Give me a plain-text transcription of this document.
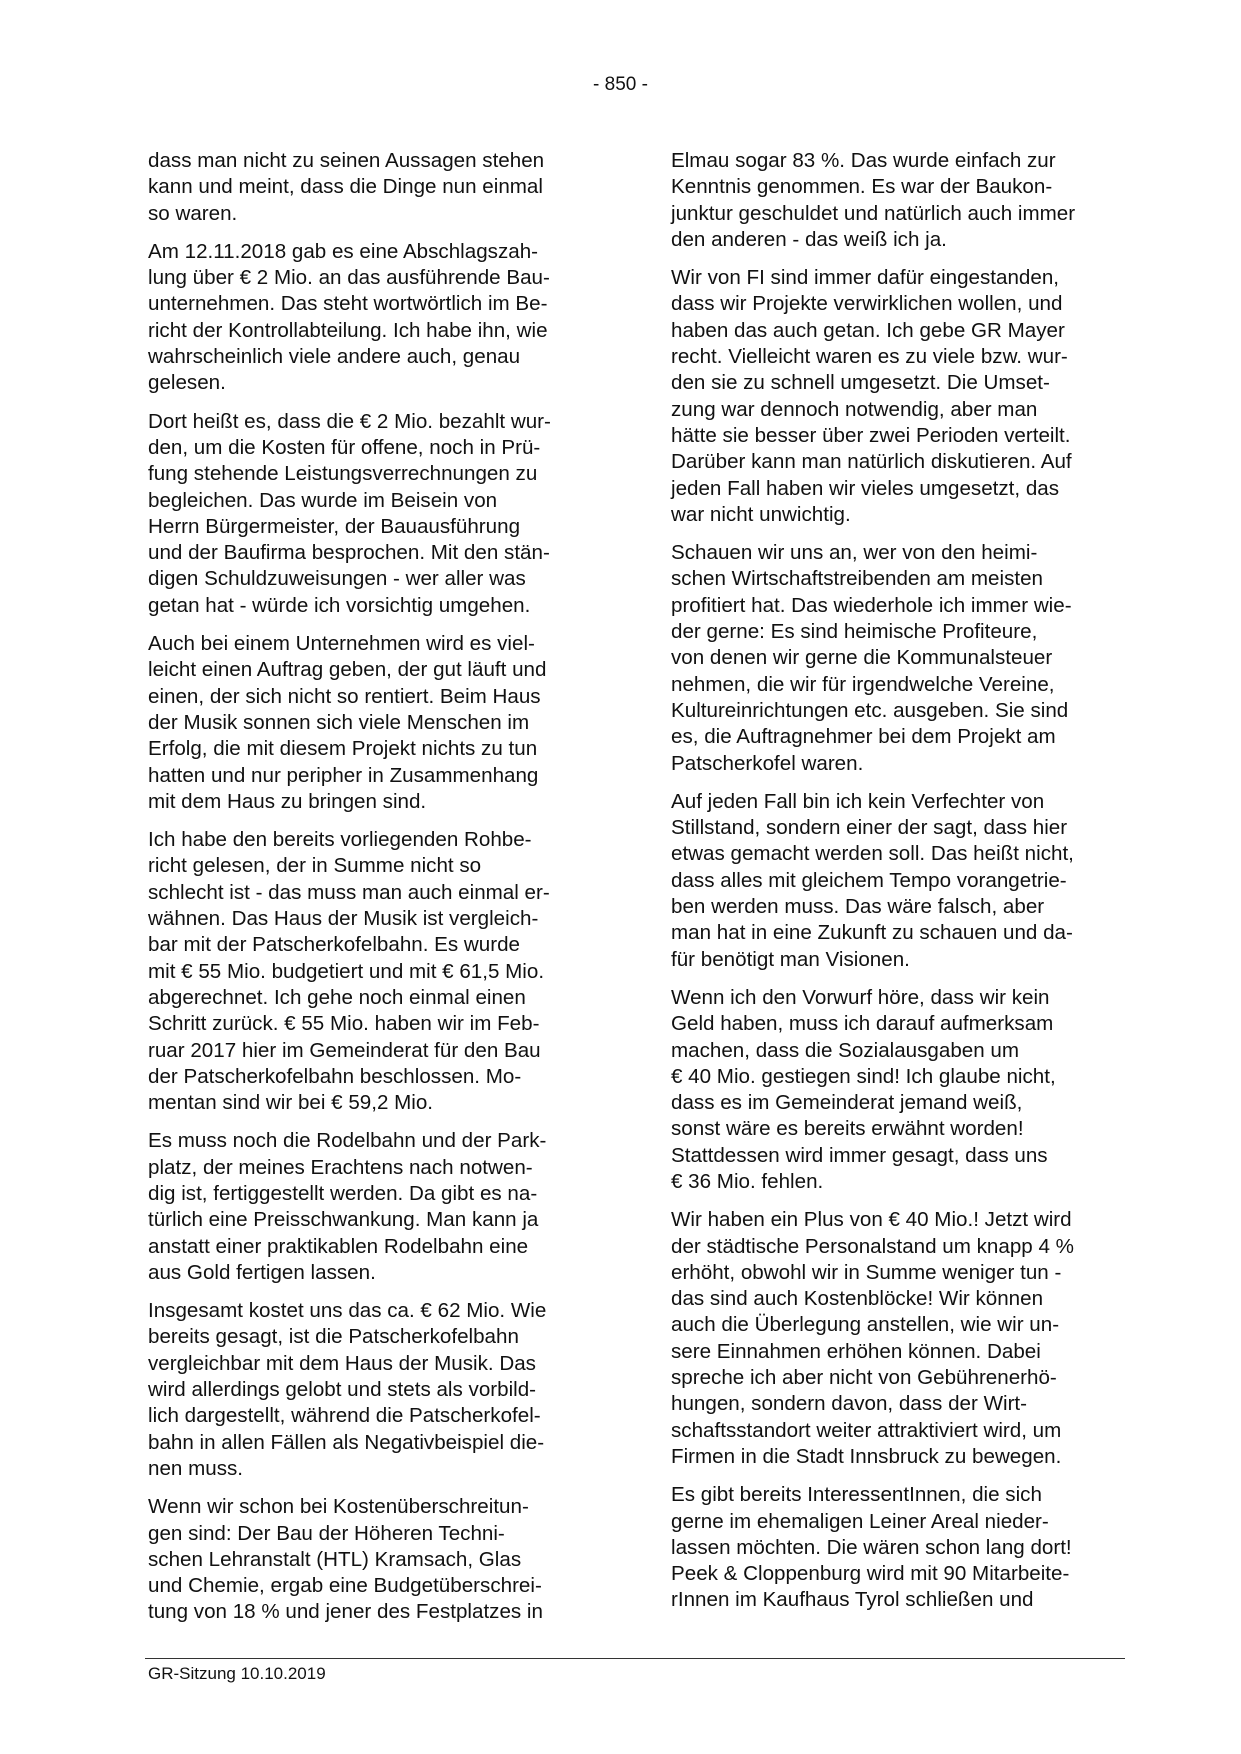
- 850 -
dass man nicht zu seinen Aussagen stehen
kann und meint, dass die Dinge nun einmal
so waren.
Am 12.11.2018 gab es eine Abschlagszah-
lung über € 2 Mio. an das ausführende Bau-
unternehmen. Das steht wortwörtlich im Be-
richt der Kontrollabteilung. Ich habe ihn, wie
wahrscheinlich viele andere auch, genau
gelesen.
Dort heißt es, dass die € 2 Mio. bezahlt wur-
den, um die Kosten für offene, noch in Prü-
fung stehende Leistungsverrechnungen zu
begleichen. Das wurde im Beisein von
Herrn Bürgermeister, der Bauausführung
und der Baufirma besprochen. Mit den stän-
digen Schuldzuweisungen - wer aller was
getan hat - würde ich vorsichtig umgehen.
Auch bei einem Unternehmen wird es viel-
leicht einen Auftrag geben, der gut läuft und
einen, der sich nicht so rentiert. Beim Haus
der Musik sonnen sich viele Menschen im
Erfolg, die mit diesem Projekt nichts zu tun
hatten und nur peripher in Zusammenhang
mit dem Haus zu bringen sind.
Ich habe den bereits vorliegenden Rohbe-
richt gelesen, der in Summe nicht so
schlecht ist - das muss man auch einmal er-
wähnen. Das Haus der Musik ist vergleich-
bar mit der Patscherkofelbahn. Es wurde
mit € 55 Mio. budgetiert und mit € 61,5 Mio.
abgerechnet. Ich gehe noch einmal einen
Schritt zurück. € 55 Mio. haben wir im Feb-
ruar 2017 hier im Gemeinderat für den Bau
der Patscherkofelbahn beschlossen. Mo-
mentan sind wir bei € 59,2 Mio.
Es muss noch die Rodelbahn und der Park-
platz, der meines Erachtens nach notwen-
dig ist, fertiggestellt werden. Da gibt es na-
türlich eine Preisschwankung. Man kann ja
anstatt einer praktikablen Rodelbahn eine
aus Gold fertigen lassen.
Insgesamt kostet uns das ca. € 62 Mio. Wie
bereits gesagt, ist die Patscherkofelbahn
vergleichbar mit dem Haus der Musik. Das
wird allerdings gelobt und stets als vorbild-
lich dargestellt, während die Patscherkofel-
bahn in allen Fällen als Negativbeispiel die-
nen muss.
Wenn wir schon bei Kostenüberschreitun-
gen sind: Der Bau der Höheren Techni-
schen Lehranstalt (HTL) Kramsach, Glas
und Chemie, ergab eine Budgetüberschrei-
tung von 18 % und jener des Festplatzes in
Elmau sogar 83 %. Das wurde einfach zur
Kenntnis genommen. Es war der Baukon-
junktur geschuldet und natürlich auch immer
den anderen - das weiß ich ja.
Wir von FI sind immer dafür eingestanden,
dass wir Projekte verwirklichen wollen, und
haben das auch getan. Ich gebe GR Mayer
recht. Vielleicht waren es zu viele bzw. wur-
den sie zu schnell umgesetzt. Die Umset-
zung war dennoch notwendig, aber man
hätte sie besser über zwei Perioden verteilt.
Darüber kann man natürlich diskutieren. Auf
jeden Fall haben wir vieles umgesetzt, das
war nicht unwichtig.
Schauen wir uns an, wer von den heimi-
schen Wirtschaftstreibenden am meisten
profitiert hat. Das wiederhole ich immer wie-
der gerne: Es sind heimische Profiteure,
von denen wir gerne die Kommunalsteuer
nehmen, die wir für irgendwelche Vereine,
Kultureinrichtungen etc. ausgeben. Sie sind
es, die Auftragnehmer bei dem Projekt am
Patscherkofel waren.
Auf jeden Fall bin ich kein Verfechter von
Stillstand, sondern einer der sagt, dass hier
etwas gemacht werden soll. Das heißt nicht,
dass alles mit gleichem Tempo vorangetrie-
ben werden muss. Das wäre falsch, aber
man hat in eine Zukunft zu schauen und da-
für benötigt man Visionen.
Wenn ich den Vorwurf höre, dass wir kein
Geld haben, muss ich darauf aufmerksam
machen, dass die Sozialausgaben um
€ 40 Mio. gestiegen sind! Ich glaube nicht,
dass es im Gemeinderat jemand weiß,
sonst wäre es bereits erwähnt worden!
Stattdessen wird immer gesagt, dass uns
€ 36 Mio. fehlen.
Wir haben ein Plus von € 40 Mio.! Jetzt wird
der städtische Personalstand um knapp 4 %
erhöht, obwohl wir in Summe weniger tun -
das sind auch Kostenblöcke! Wir können
auch die Überlegung anstellen, wie wir un-
sere Einnahmen erhöhen können. Dabei
spreche ich aber nicht von Gebührenerhö-
hungen, sondern davon, dass der Wirt-
schaftsstandort weiter attraktiviert wird, um
Firmen in die Stadt Innsbruck zu bewegen.
Es gibt bereits InteressentInnen, die sich
gerne im ehemaligen Leiner Areal nieder-
lassen möchten. Die wären schon lang dort!
Peek & Cloppenburg wird mit 90 Mitarbeite-
rInnen im Kaufhaus Tyrol schließen und
GR-Sitzung 10.10.2019
